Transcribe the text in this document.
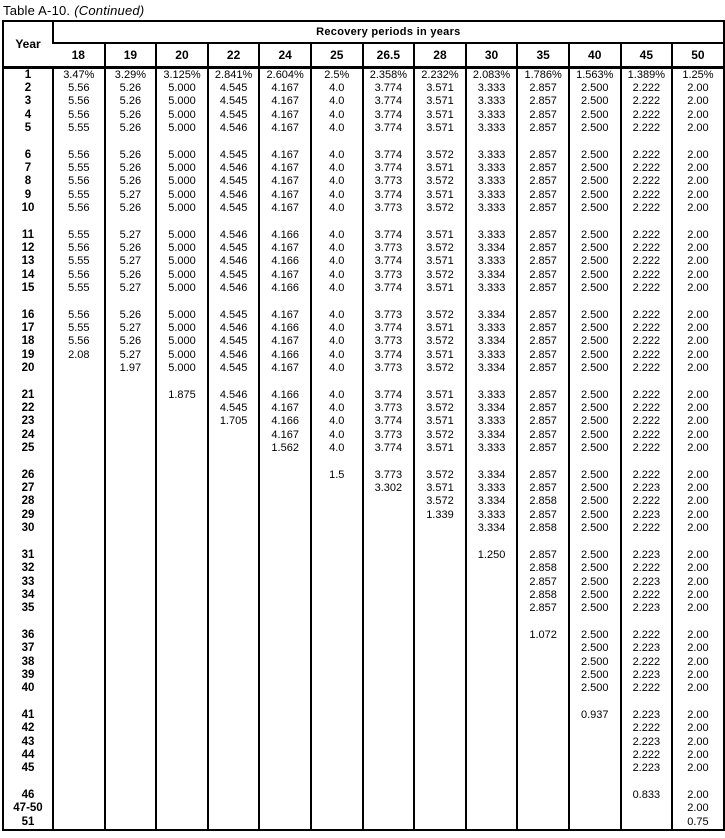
Table A-10. (Continued)
Year	Recovery periods in years												
	18	19	20	22	24	25	26.5	28	30	35	40	45	50
1	3.47%	3.29%	3.125%	2.841%	2.604%	2.5%	2.358%	2.232%	2.083%	1.786%	1.563%	1.389%	1.25%
2	5.56	5.26	5.000	4.545	4.167	4.0	3.774	3.571	3.333	2.857	2.500	2.222	2.00
3	5.56	5.26	5.000	4.545	4.167	4.0	3.774	3.571	3.333	2.857	2.500	2.222	2.00
4	5.56	5.26	5.000	4.545	4.167	4.0	3.774	3.571	3.333	2.857	2.500	2.222	2.00
5	5.55	5.26	5.000	4.546	4.167	4.0	3.774	3.571	3.333	2.857	2.500	2.222	2.00
6	5.56	5.26	5.000	4.545	4.167	4.0	3.774	3.572	3.333	2.857	2.500	2.222	2.00
7	5.55	5.26	5.000	4.546	4.167	4.0	3.774	3.571	3.333	2.857	2.500	2.222	2.00
8	5.56	5.26	5.000	4.545	4.167	4.0	3.773	3.572	3.333	2.857	2.500	2.222	2.00
9	5.55	5.27	5.000	4.546	4.167	4.0	3.774	3.571	3.333	2.857	2.500	2.222	2.00
10	5.56	5.26	5.000	4.545	4.167	4.0	3.773	3.572	3.333	2.857	2.500	2.222	2.00
11	5.55	5.27	5.000	4.546	4.166	4.0	3.774	3.571	3.333	2.857	2.500	2.222	2.00
12	5.56	5.26	5.000	4.545	4.167	4.0	3.773	3.572	3.334	2.857	2.500	2.222	2.00
13	5.55	5.27	5.000	4.546	4.166	4.0	3.774	3.571	3.333	2.857	2.500	2.222	2.00
14	5.56	5.26	5.000	4.545	4.167	4.0	3.773	3.572	3.334	2.857	2.500	2.222	2.00
15	5.55	5.27	5.000	4.546	4.166	4.0	3.774	3.571	3.333	2.857	2.500	2.222	2.00
16	5.56	5.26	5.000	4.545	4.167	4.0	3.773	3.572	3.334	2.857	2.500	2.222	2.00
17	5.55	5.27	5.000	4.546	4.166	4.0	3.774	3.571	3.333	2.857	2.500	2.222	2.00
18	5.56	5.26	5.000	4.545	4.167	4.0	3.773	3.572	3.334	2.857	2.500	2.222	2.00
19	2.08	5.27	5.000	4.546	4.166	4.0	3.774	3.571	3.333	2.857	2.500	2.222	2.00
20		1.97	5.000	4.545	4.167	4.0	3.773	3.572	3.334	2.857	2.500	2.222	2.00
21			1.875	4.546	4.166	4.0	3.774	3.571	3.333	2.857	2.500	2.222	2.00
22				4.545	4.167	4.0	3.773	3.572	3.334	2.857	2.500	2.222	2.00
23				1.705	4.166	4.0	3.774	3.571	3.333	2.857	2.500	2.222	2.00
24					4.167	4.0	3.773	3.572	3.334	2.857	2.500	2.222	2.00
25					1.562	4.0	3.774	3.571	3.333	2.857	2.500	2.222	2.00
26						1.5	3.773	3.572	3.334	2.857	2.500	2.222	2.00
27							3.302	3.571	3.333	2.857	2.500	2.223	2.00
28								3.572	3.334	2.858	2.500	2.222	2.00
29								1.339	3.333	2.857	2.500	2.223	2.00
30									3.334	2.858	2.500	2.222	2.00
31									1.250	2.857	2.500	2.223	2.00
32										2.858	2.500	2.222	2.00
33										2.857	2.500	2.223	2.00
34										2.858	2.500	2.222	2.00
35										2.857	2.500	2.223	2.00
36										1.072	2.500	2.222	2.00
37											2.500	2.223	2.00
38											2.500	2.222	2.00
39											2.500	2.223	2.00
40											2.500	2.222	2.00
41											0.937	2.223	2.00
42												2.222	2.00
43												2.223	2.00
44												2.222	2.00
45												2.223	2.00
46												0.833	2.00
47-50													2.00
51													0.75
